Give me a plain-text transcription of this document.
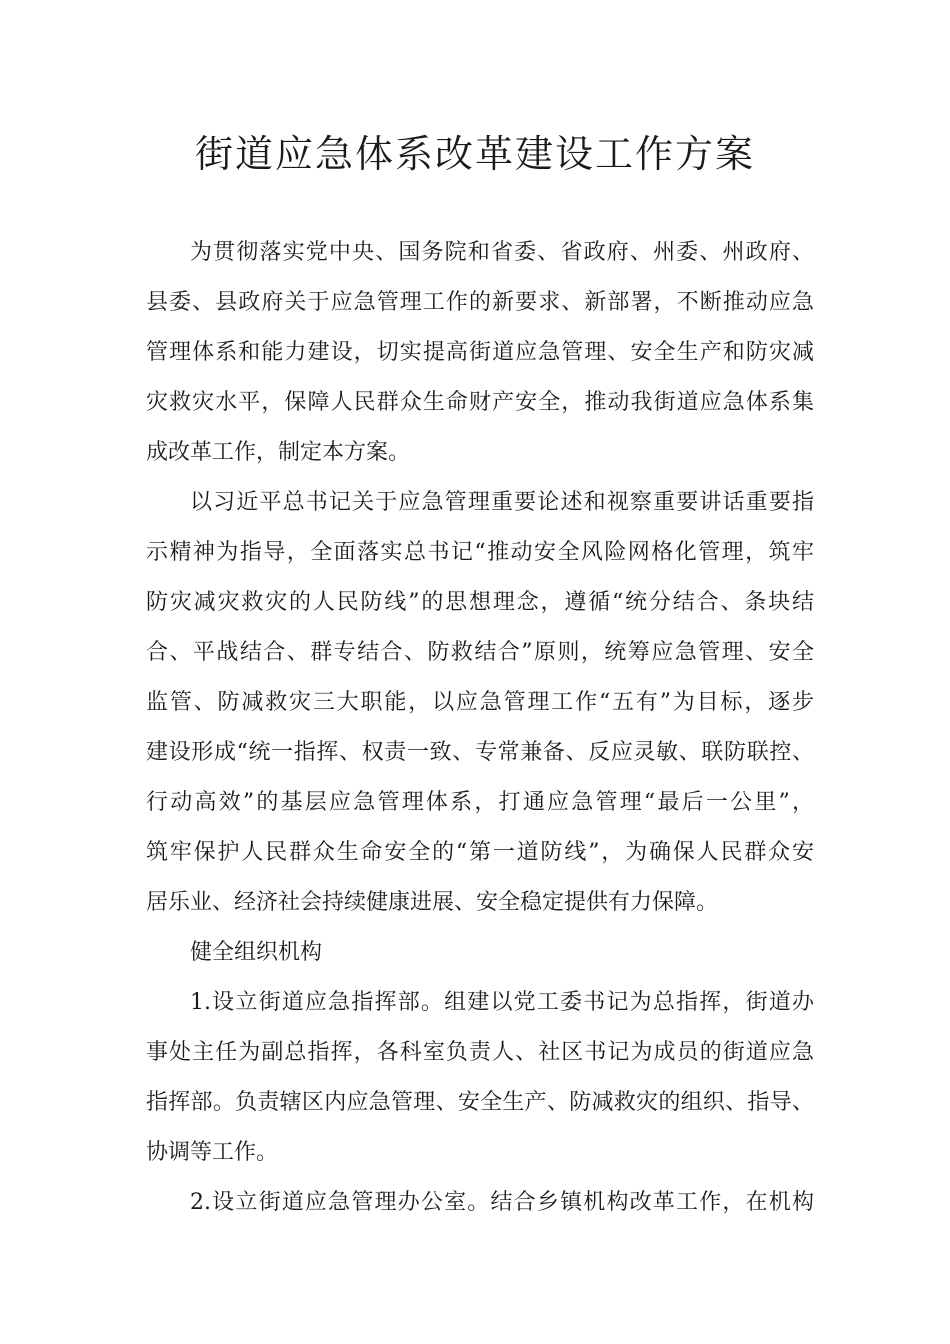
街道应急体系改革建设工作方案
为贯彻落实党中央、国务院和省委、省政府、州委、州政府、
县委、县政府关于应急管理工作的新要求、新部署，不断推动应急
管理体系和能力建设，切实提高街道应急管理、安全生产和防灾减
灾救灾水平，保障人民群众生命财产安全，推动我街道应急体系集
成改革工作，制定本方案。
以习近平总书记关于应急管理重要论述和视察重要讲话重要指
示精神为指导，全面落实总书记“推动安全风险网格化管理，筑牢
防灾减灾救灾的人民防线”的思想理念，遵循“统分结合、条块结
合、平战结合、群专结合、防救结合”原则，统筹应急管理、安全
监管、防减救灾三大职能，以应急管理工作“五有”为目标，逐步
建设形成“统一指挥、权责一致、专常兼备、反应灵敏、联防联控、
行动高效”的基层应急管理体系，打通应急管理“最后一公里”，
筑牢保护人民群众生命安全的“第一道防线”，为确保人民群众安
居乐业、经济社会持续健康进展、安全稳定提供有力保障。
健全组织机构
1.设立街道应急指挥部。组建以党工委书记为总指挥，街道办
事处主任为副总指挥，各科室负责人、社区书记为成员的街道应急
指挥部。负责辖区内应急管理、安全生产、防减救灾的组织、指导、
协调等工作。
2.设立街道应急管理办公室。结合乡镇机构改革工作，在机构
